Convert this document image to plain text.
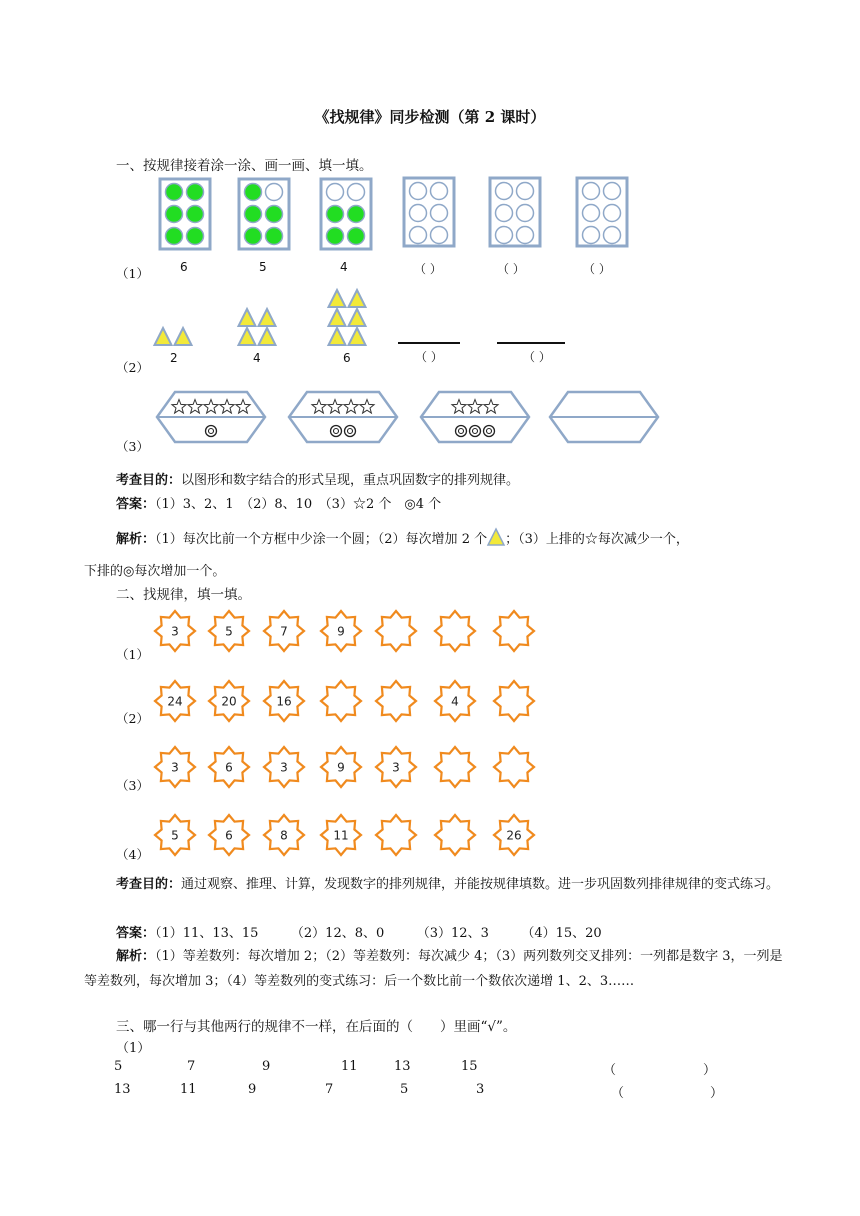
《找规律》同步检测（第 2 课时）
一、按规律接着涂一涂、画一画、填一填。
（1）	6	5	4	（ ）	（ ）	（ ）
（2）
2	4	6	（ ）	（ ）
（3）
考查目的：以图形和数字结合的形式呈现，重点巩固数字的排列规律。
答案：（1）3、2、1　（2）8、10　（3）☆2 个　◎4 个
解析：（1）每次比前一个方框中少涂一个圆；（2）每次增加 2 个 ；（3）上排的☆每次减少一个，
下排的◎每次增加一个。
二、找规律，填一填。
（1）
（2）
（3）
（4）
3	5	7	9
24	20	16	4
3	6	3	9	3
5	6	8	11	26
考查目的：通过观察、推理、计算，发现数字的排列规律，并能按规律填数。进一步巩固数列排律规律的变式练习。
答案：（1）11、13、15　　　（2）12、8、0　　　（3）12、3　　　（4）15、20
解析：（1）等差数列：每次增加 2；（2）等差数列：每次减少 4；（3）两列数列交叉排列：一列都是数字 3，一列是等差数列，每次增加 3；（4）等差数列的变式练习：后一个数比前一个数依次递增 1、2、3……
三、哪一行与其他两行的规律不一样，在后面的（　　）里画“√”。
（1）
5	7	9	11	13	15	（	）
13	11	9	7	5	3	（	）
